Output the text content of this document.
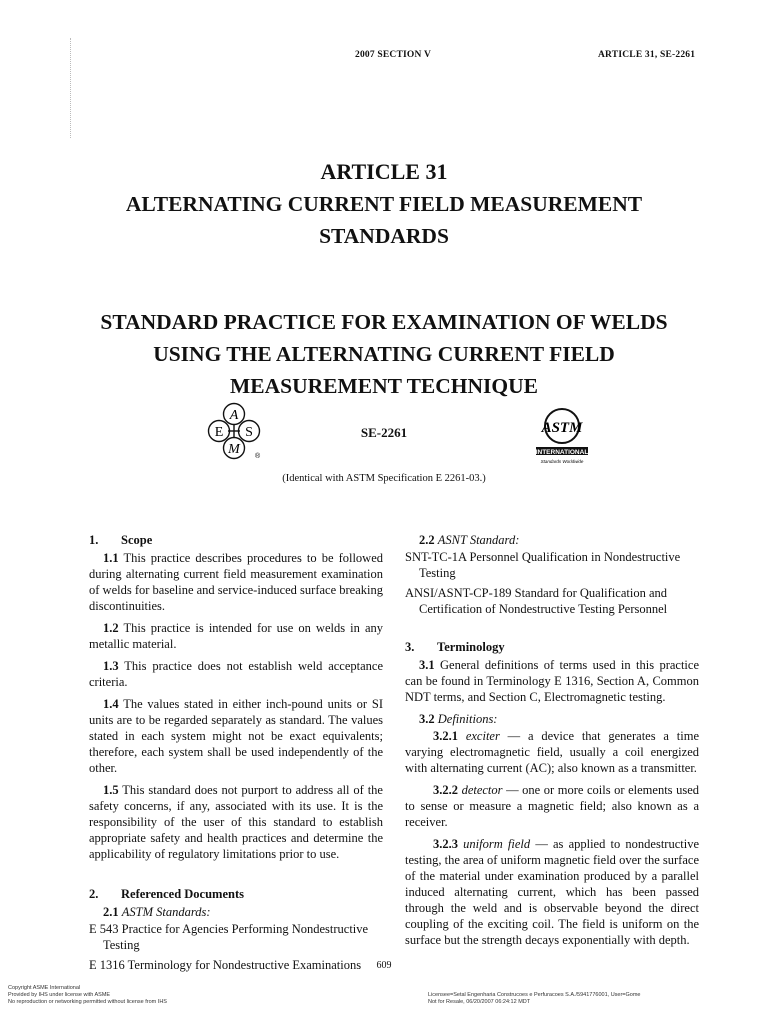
2007 SECTION V	ARTICLE 31, SE-2261
ARTICLE 31
ALTERNATING CURRENT FIELD MEASUREMENT
STANDARDS
STANDARD PRACTICE FOR EXAMINATION OF WELDS
USING THE ALTERNATING CURRENT FIELD
MEASUREMENT TECHNIQUE
A
E S
M ®
SE-2261	ASTM
INTERNATIONAL
Standards Worldwide
(Identical with ASTM Specification E 2261-03.)
1. Scope

1.1 This practice describes procedures to be followed during alternating current field measurement examination of welds for baseline and service-induced surface breaking discontinuities.

1.2 This practice is intended for use on welds in any metallic material.

1.3 This practice does not establish weld acceptance criteria.

1.4 The values stated in either inch-pound units or SI units are to be regarded separately as standard. The values stated in each system might not be exact equivalents; therefore, each system shall be used independently of the other.

1.5 This standard does not purport to address all of the safety concerns, if any, associated with its use. It is the responsibility of the user of this standard to establish appropriate safety and health practices and determine the applicability of regulatory limitations prior to use.

2. Referenced Documents
2.1 ASTM Standards:
E 543 Practice for Agencies Performing Nondestructive Testing
E 1316 Terminology for Nondestructive Examinations
2.2 ASNT Standard:
SNT-TC-1A Personnel Qualification in Nondestructive Testing
ANSI/ASNT-CP-189 Standard for Qualification and Certification of Nondestructive Testing Personnel
3. Terminology

3.1 General definitions of terms used in this practice can be found in Terminology E 1316, Section A, Common NDT terms, and Section C, Electromagnetic testing.

3.2 Definitions:

3.2.1 exciter — a device that generates a time varying electromagnetic field, usually a coil energized with alternating current (AC); also known as a transmitter.

3.2.2 detector — one or more coils or elements used to sense or measure a magnetic field; also known as a receiver.

3.2.3 uniform field — as applied to nondestructive testing, the area of uniform magnetic field over the surface of the material under examination produced by a parallel induced alternating current, which has been passed through the weld and is observable beyond the direct coupling of the exciting coil. The field is uniform on the surface but the strength decays exponentially with depth.

609
Copyright ASME International
Provided by IHS under license with ASME
No reproduction or networking permitted without license from IHS
Licensee=Setal Engenharia Construcoes e Perfuracoes S.A./5941776001, User=Gome
Not for Resale, 06/20/2007 06:24:12 MDT
